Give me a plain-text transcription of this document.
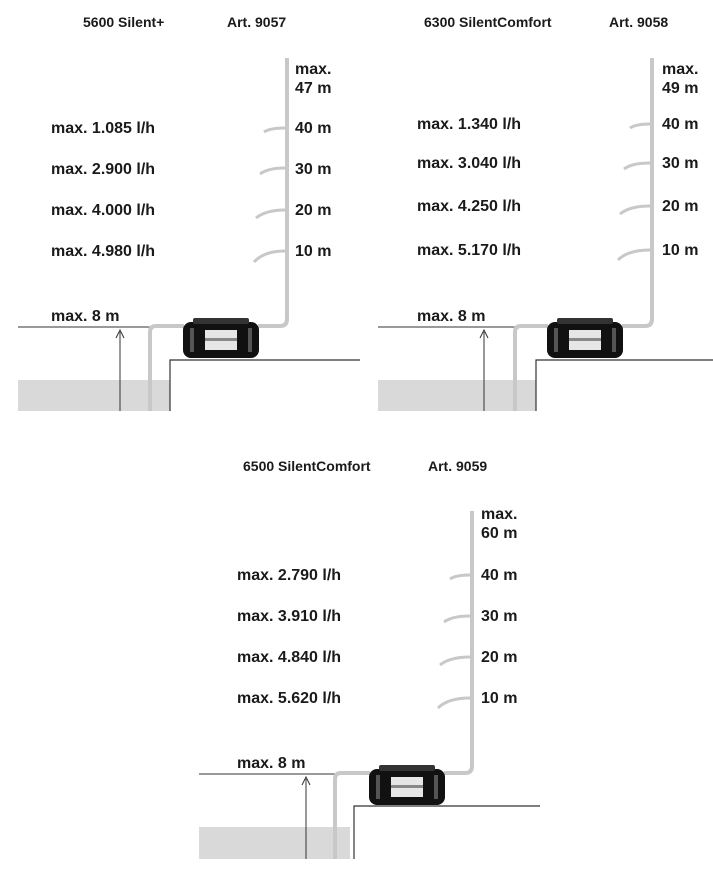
5600 Silent+	Art. 9057
max.
47 m
max. 1.085 l/h	40 m
max. 2.900 l/h	30 m
max. 4.000 l/h	20 m
max. 4.980 l/h	10 m
max. 8 m
6300 SilentComfort	Art. 9058
max.
49 m
max. 1.340 l/h	40 m
max. 3.040 l/h	30 m
max. 4.250 l/h	20 m
max. 5.170 l/h	10 m
max. 8 m
6500 SilentComfort	Art. 9059
max.
60 m
max. 2.790 l/h	40 m
max. 3.910 l/h	30 m
max. 4.840 l/h	20 m
max. 5.620 l/h	10 m
max. 8 m
